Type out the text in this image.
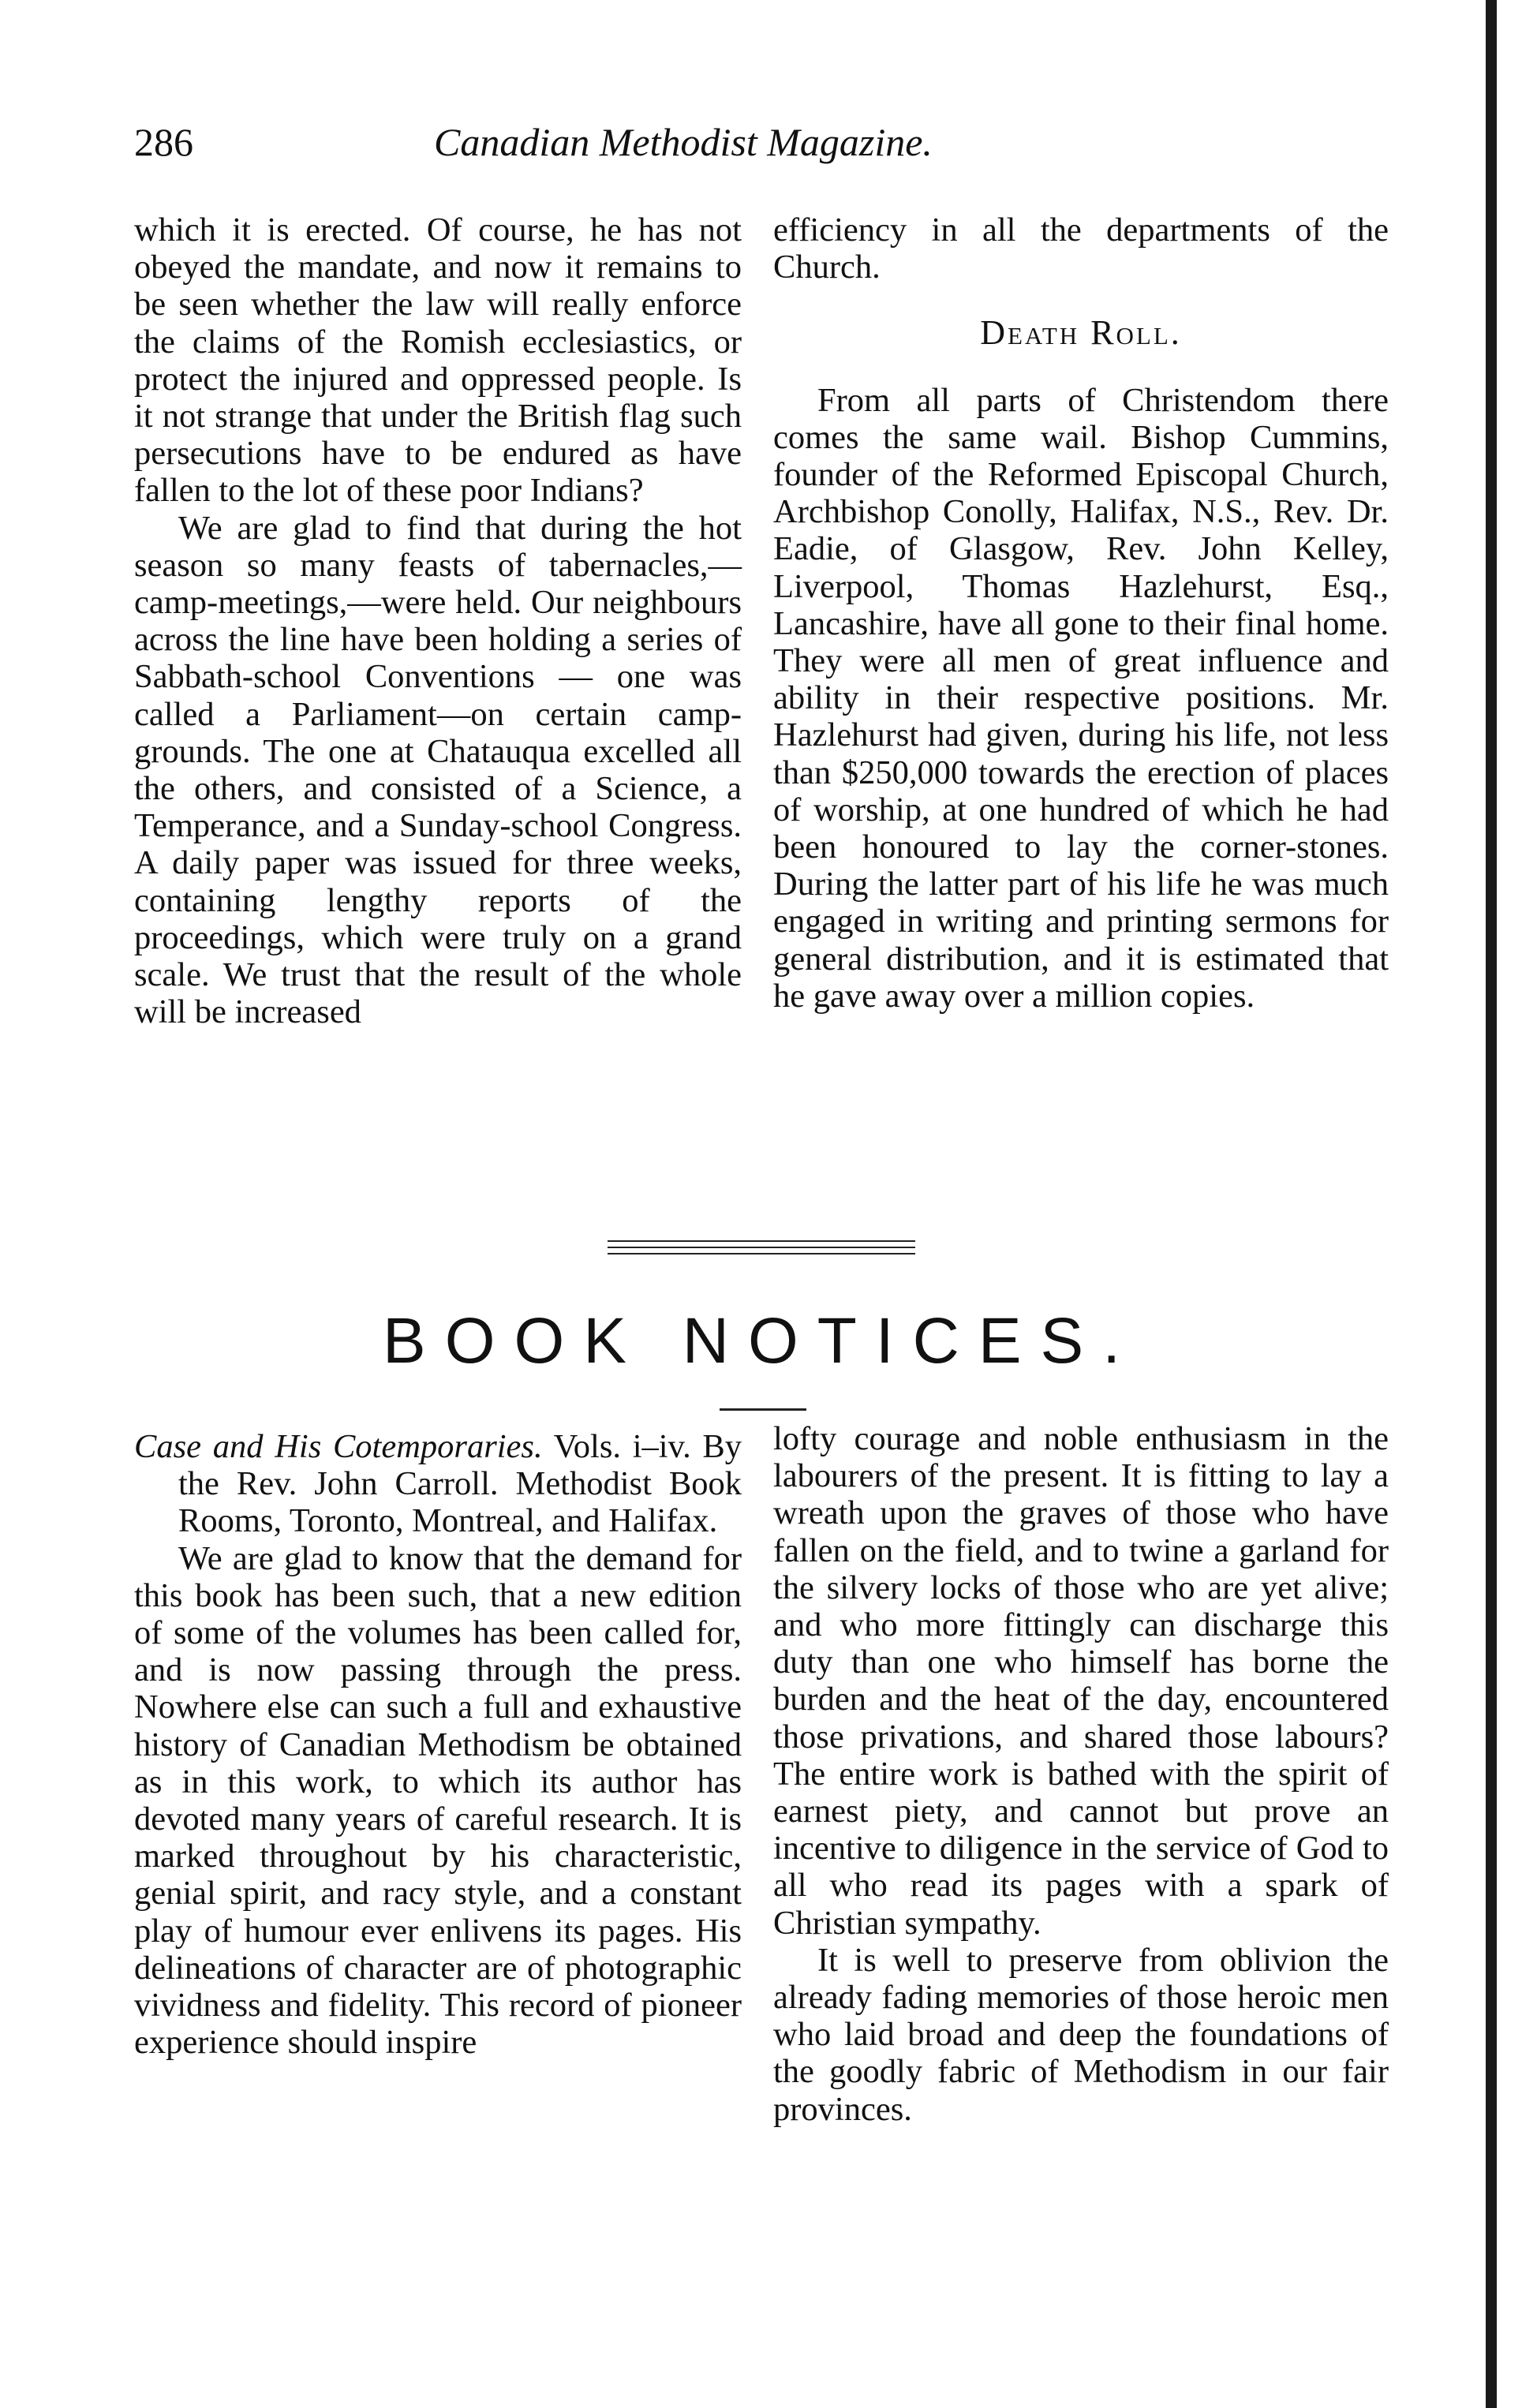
286	Canadian Methodist Magazine.

which it is erected. Of course, he has not obeyed the mandate, and now it remains to be seen whether the law will really enforce the claims of the Romish ecclesiastics, or protect the injured and oppressed people. Is it not strange that under the British flag such persecutions have to be endured as have fallen to the lot of these poor Indians?

We are glad to find that during the hot season so many feasts of tabernacles,—camp-meetings,—were held. Our neighbours across the line have been holding a series of Sabbath-school Conventions — one was called a Parliament—on certain camp-grounds. The one at Chatauqua excelled all the others, and consisted of a Science, a Temperance, and a Sunday-school Congress. A daily paper was issued for three weeks, containing lengthy reports of the proceedings, which were truly on a grand scale. We trust that the result of the whole will be increased

efficiency in all the departments of the Church.

Death Roll.

From all parts of Christendom there comes the same wail. Bishop Cummins, founder of the Reformed Episcopal Church, Archbishop Conolly, Halifax, N.S., Rev. Dr. Eadie, of Glasgow, Rev. John Kelley, Liverpool, Thomas Hazlehurst, Esq., Lancashire, have all gone to their final home. They were all men of great influence and ability in their respective positions. Mr. Hazlehurst had given, during his life, not less than $250,000 towards the erection of places of worship, at one hundred of which he had been honoured to lay the corner-stones. During the latter part of his life he was much engaged in writing and printing sermons for general distribution, and it is estimated that he gave away over a million copies.

BOOK NOTICES.

Case and His Cotemporaries. Vols. i–iv. By the Rev. John Carroll. Methodist Book Rooms, Toronto, Montreal, and Halifax.

We are glad to know that the demand for this book has been such, that a new edition of some of the volumes has been called for, and is now passing through the press. Nowhere else can such a full and exhaustive history of Canadian Methodism be obtained as in this work, to which its author has devoted many years of careful research. It is marked throughout by his characteristic, genial spirit, and racy style, and a constant play of humour ever enlivens its pages. His delineations of character are of photographic vividness and fidelity. This record of pioneer experience should inspire

lofty courage and noble enthusiasm in the labourers of the present. It is fitting to lay a wreath upon the graves of those who have fallen on the field, and to twine a garland for the silvery locks of those who are yet alive; and who more fittingly can discharge this duty than one who himself has borne the burden and the heat of the day, encountered those privations, and shared those labours? The entire work is bathed with the spirit of earnest piety, and cannot but prove an incentive to diligence in the service of God to all who read its pages with a spark of Christian sympathy.

It is well to preserve from oblivion the already fading memories of those heroic men who laid broad and deep the foundations of the goodly fabric of Methodism in our fair provinces.
